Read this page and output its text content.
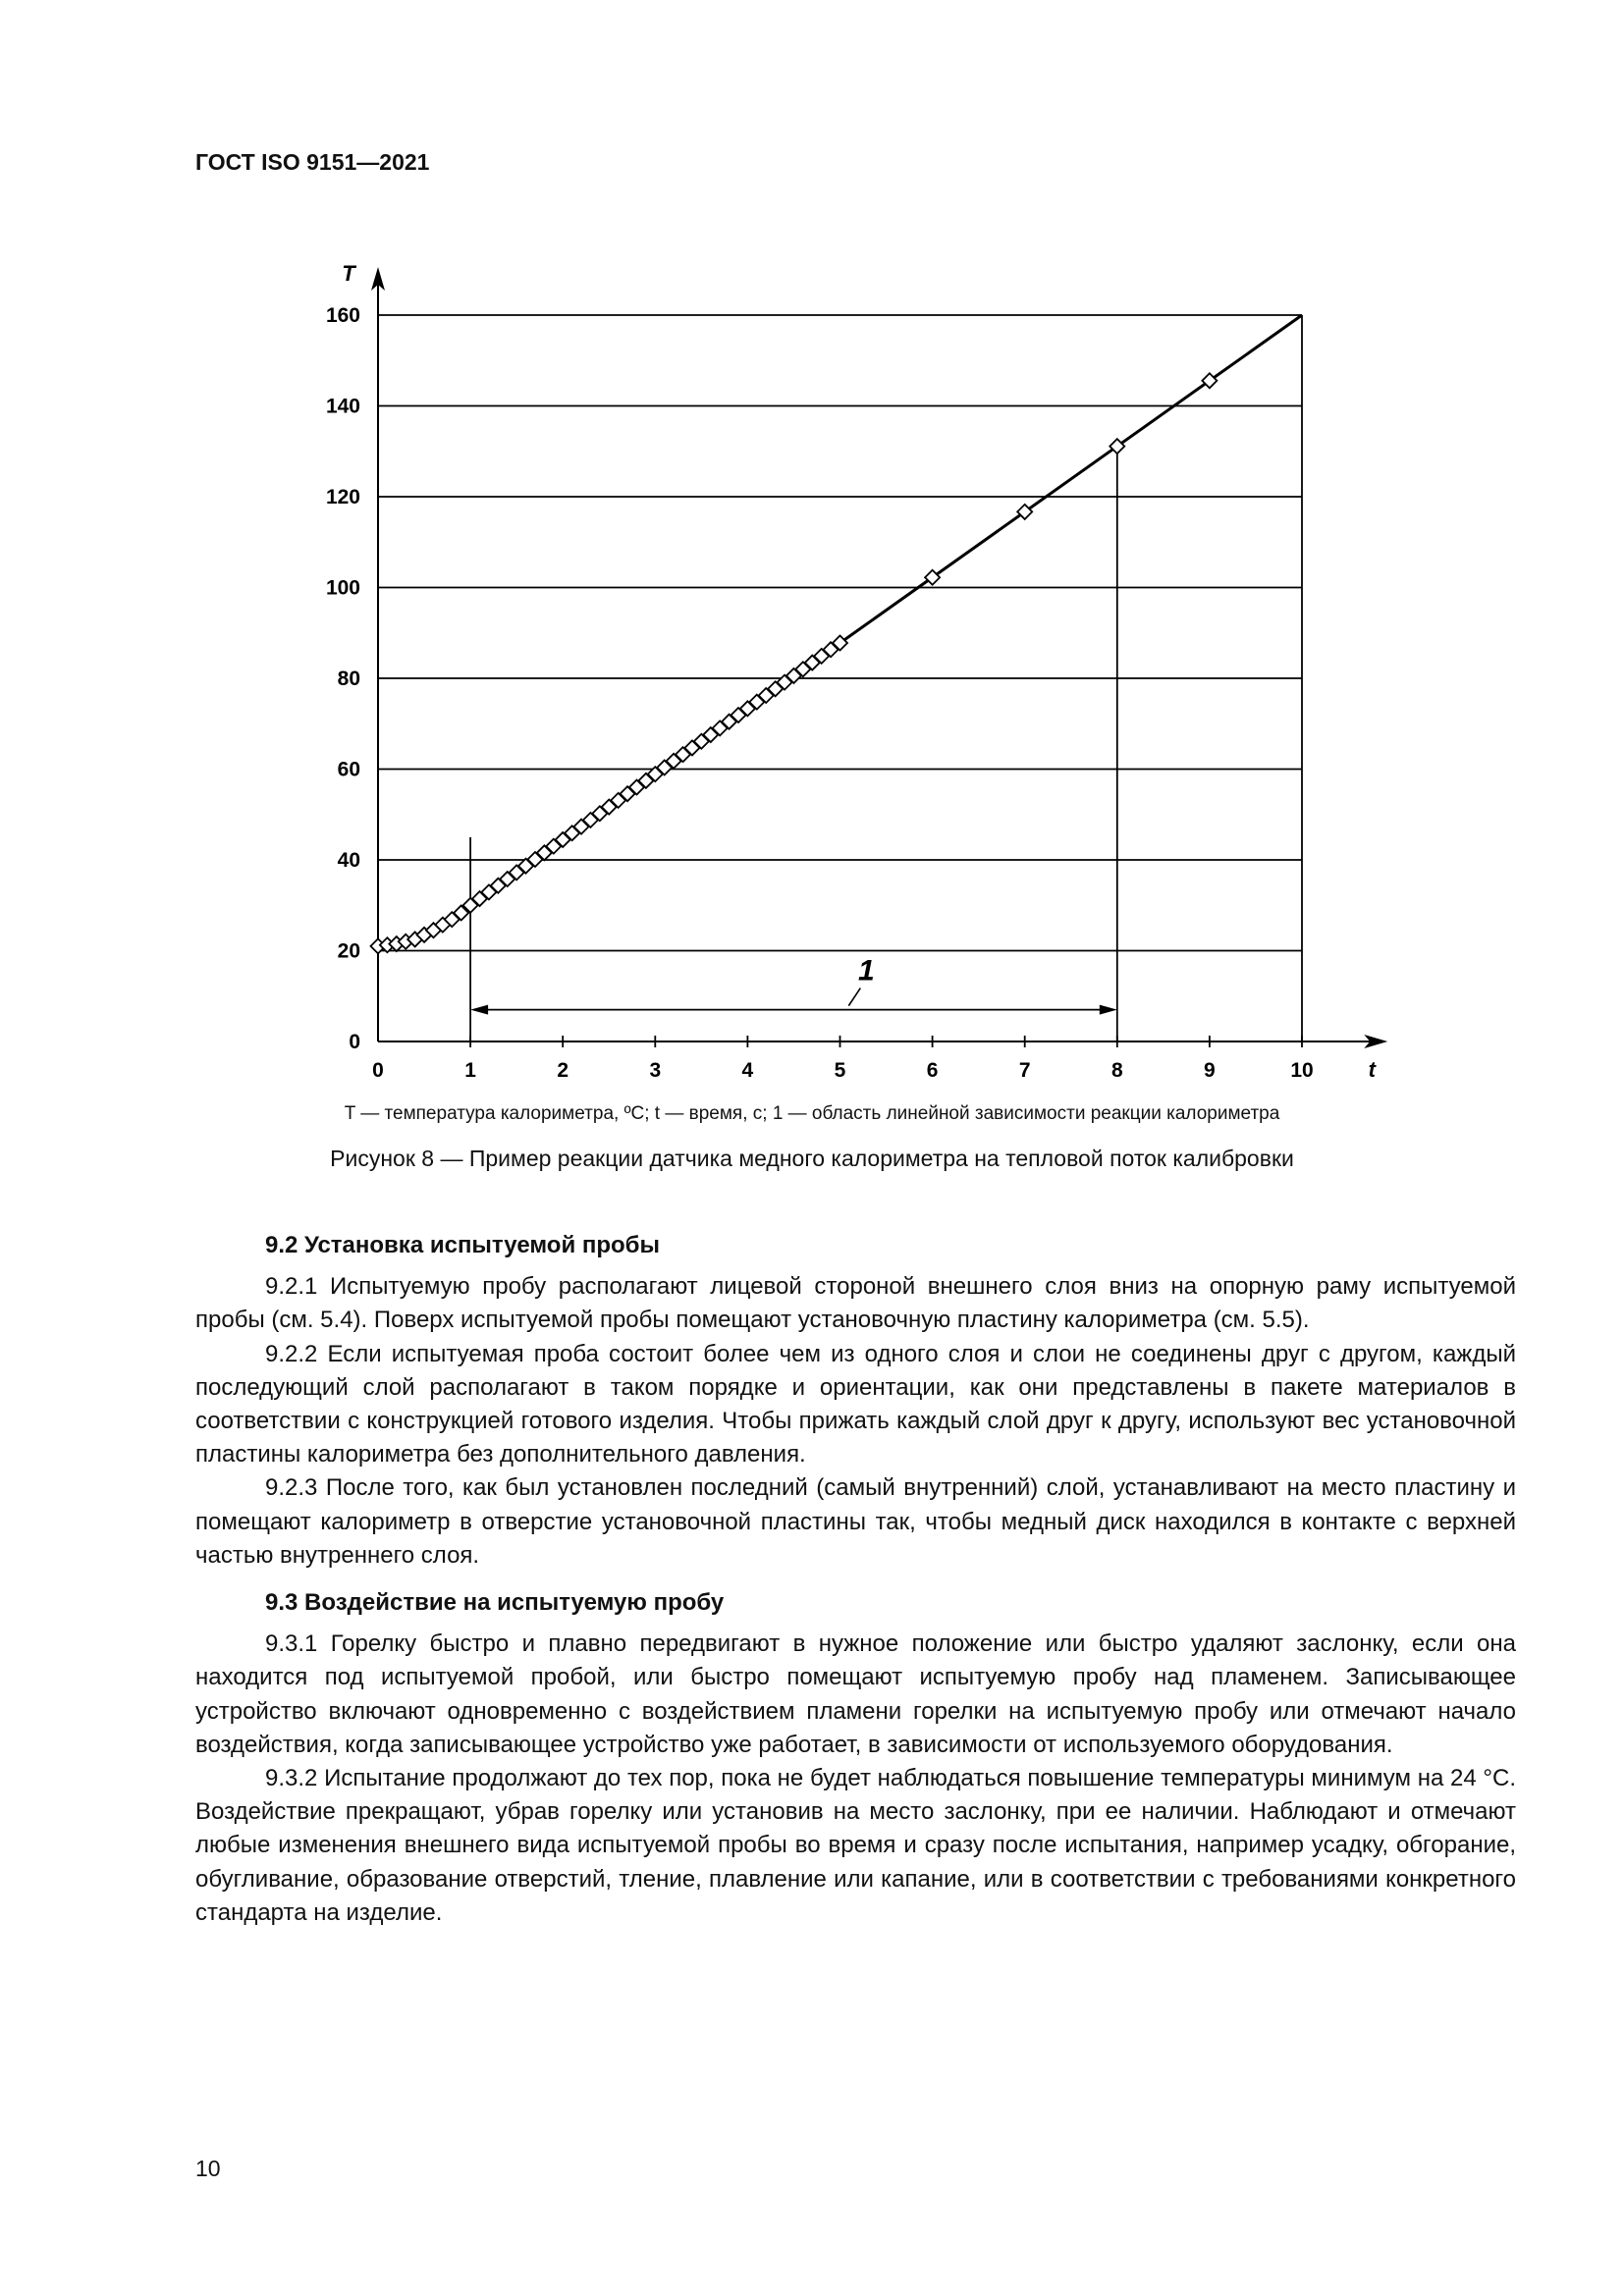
ГОСТ ISO 9151—2021
0	1	2	3	4	5	6	7	8	9	10
0
20
40
60
80
100
120
140
160
t
T
1
T — температура калориметра, ºС; t — время, с; 1 — область линейной зависимости реакции калориметра
Рисунок 8 — Пример реакции датчика медного калориметра на тепловой поток калибровки

9.2 Установка испытуемой пробы

9.2.1 Испытуемую пробу располагают лицевой стороной внешнего слоя вниз на опорную раму испытуемой пробы (см. 5.4). Поверх испытуемой пробы помещают установочную пластину калориметра (см. 5.5).

9.2.2 Если испытуемая проба состоит более чем из одного слоя и слои не соединены друг с другом, каждый последующий слой располагают в таком порядке и ориентации, как они представлены в пакете материалов в соответствии с конструкцией готового изделия. Чтобы прижать каждый слой друг к другу, используют вес установочной пластины калориметра без дополнительного давления.

9.2.3 После того, как был установлен последний (самый внутренний) слой, устанавливают на место пластину и помещают калориметр в отверстие установочной пластины так, чтобы медный диск находился в контакте с верхней частью внутреннего слоя.

9.3 Воздействие на испытуемую пробу

9.3.1 Горелку быстро и плавно передвигают в нужное положение или быстро удаляют заслонку, если она находится под испытуемой пробой, или быстро помещают испытуемую пробу над пламенем. Записывающее устройство включают одновременно с воздействием пламени горелки на испытуемую пробу или отмечают начало воздействия, когда записывающее устройство уже работает, в зависимости от используемого оборудования.

9.3.2 Испытание продолжают до тех пор, пока не будет наблюдаться повышение температуры минимум на 24 °С. Воздействие прекращают, убрав горелку или установив на место заслонку, при ее наличии. Наблюдают и отмечают любые изменения внешнего вида испытуемой пробы во время и сразу после испытания, например усадку, обгорание, обугливание, образование отверстий, тление, плавление или капание, или в соответствии с требованиями конкретного стандарта на изделие.

10
